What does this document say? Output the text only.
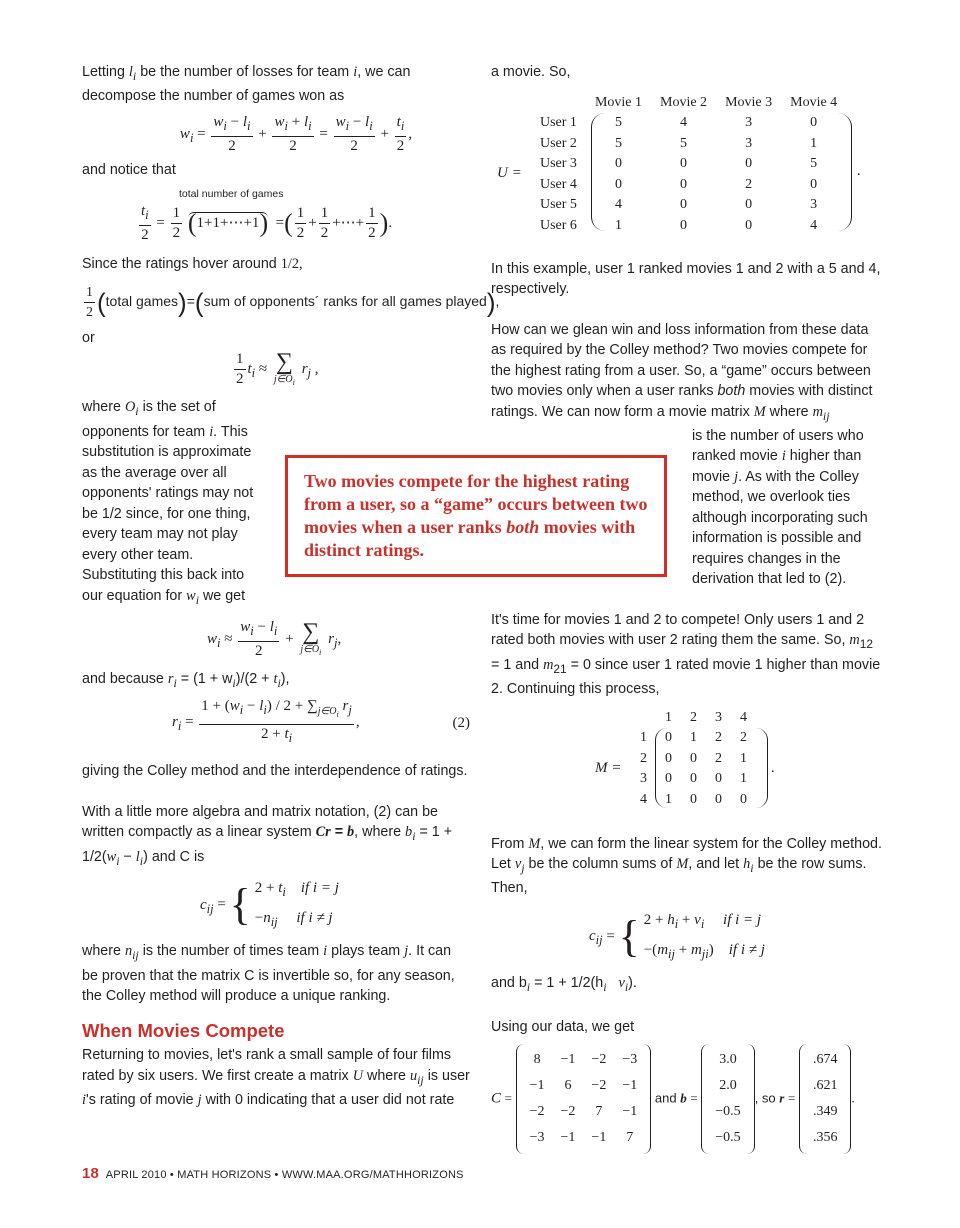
Letting $l_i$ be the number of losses for team i, we can decompose the number of games won as

$w_i = \frac{w_i - l_i}{2} + \frac{w_i + l_i}{2} = \frac{w_i - l_i}{2} + \frac{t_i}{2}$ ,

and notice that

total number of games
$\frac{t_i}{2} = \frac{1}{2}$ (1+1+⋯+1)  =( $\frac{1}{2} + \frac{1}{2}$ +⋯+ $\frac{1}{2}$ ).

Since the ratings hover around 1/2,

$\frac{1}{2}$ (total games)=(sum of opponents´ ranks for all games played),

or

$\frac{1}{2} t_i$ ≈ ∑
$j\in O_i$
$r_j$ ,

where $O_i$ is the set of opponents for team i. This substitution is approximate as the average over all opponents' ratings may not be 1/2 since, for one thing, every team may not play every other team. Substituting this back into our equation for $w_i$ we get

$w_i \approx \frac{w_i - l_i}{2}$ + ∑
$j\in O_i$
$r_j$,

and because $r_i = (1 + w_i)/(2 + t_i)$,

$r_i = \frac{1 + (w_i - l_i) / 2 + \sum_{j\in O_i} r_j}{2 + t_i}$ ,	(2)

giving the Colley method and the interdependence of ratings.

With a little more algebra and matrix notation, (2) can be written compactly as a linear system Cr = b, where $b_i = 1 + 1/2(w_i - l_i)$ and C is

$c_{ij}$ = { $2 + t_i$ if i = j
$-n_{ij}$ if i ≠ j

where $n_{ij}$ is the number of times team i plays team j. It can be proven that the matrix C is invertible so, for any season, the Colley method will produce a unique ranking.

When Movies Compete

Returning to movies, let's rank a small sample of four films rated by six users. We first create a matrix U where $u_{ij}$ is user i's rating of movie j with 0 indicating that a user did not rate

a movie. So,

U =
	Movie 1	Movie 2	Movie 3	Movie 4
User 1	5	4	3	0
User 2	5	5	3	1
User 3	0	0	0	5
User 4	0	0	2	0
User 5	4	0	0	3
User 6	1	0	0	4
.

In this example, user 1 ranked movies 1 and 2 with a 5 and 4, respectively.

How can we glean win and loss information from these data as required by the Colley method? Two movies compete for the highest rating from a user. So, a “game” occurs between two movies only when a user ranks both movies with distinct ratings. We can now form a movie matrix M where $m_{ij}$
is the number of users who ranked movie i higher than movie j. As with the Colley method, we overlook ties although incorporating such information is possible and requires changes in the derivation that led to (2).

It's time for movies 1 and 2 to compete! Only users 1 and 2 rated both movies with user 2 rating them the same. So, $m_{12} = 1$ and $m_{21} = 0$ since user 1 rated movie 1 higher than movie 2. Continuing this process,

M =
	1	2	3	4
1	0	1	2	2
2	0	0	2	1
3	0	0	0	1
4	1	0	0	0
.

From M, we can form the linear system for the Colley method. Let $v_j$ be the column sums of M, and let $h_i$ be the row sums. Then,

$c_{ij}$ = { $2 + h_i + v_i$ if i = j
$-(m_{ij} + m_{ji})$    if i ≠ j

and $b_i = 1 + 1/2(h_i$ $v_i$).

Using our data, we get

C =
8	−1	−2	−3
−1	6	−2	−1
−2	−2	7	−1
−3	−1	−1	7
and b =
3.0
2.0
−0.5
−0.5
, so r =
.674
.621
.349
.356
.

Two movies compete for the highest rating from a user, so a “game” occurs between two movies when a user ranks both movies with distinct ratings.

18 APRIL 2010 • MATH HORIZONS • WWW.MAA.ORG/MATHHORIZONS
